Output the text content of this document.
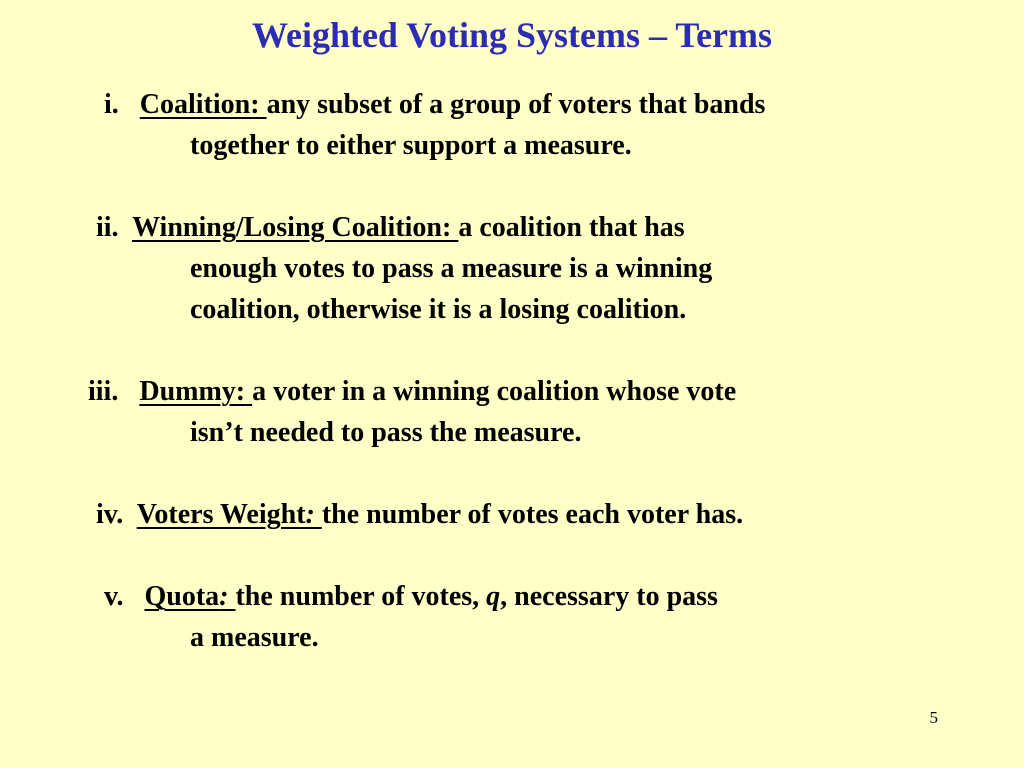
Weighted Voting Systems – Terms
i. Coalition: any subset of a group of voters that bands
together to either support a measure.
ii. Winning/Losing Coalition: a coalition that has
enough votes to pass a measure is a winning
coalition, otherwise it is a losing coalition.
iii. Dummy: a voter in a winning coalition whose vote
isn’t needed to pass the measure.
iv. Voters Weight: the number of votes each voter has.
v. Quota: the number of votes, q, necessary to pass
a measure.
5
